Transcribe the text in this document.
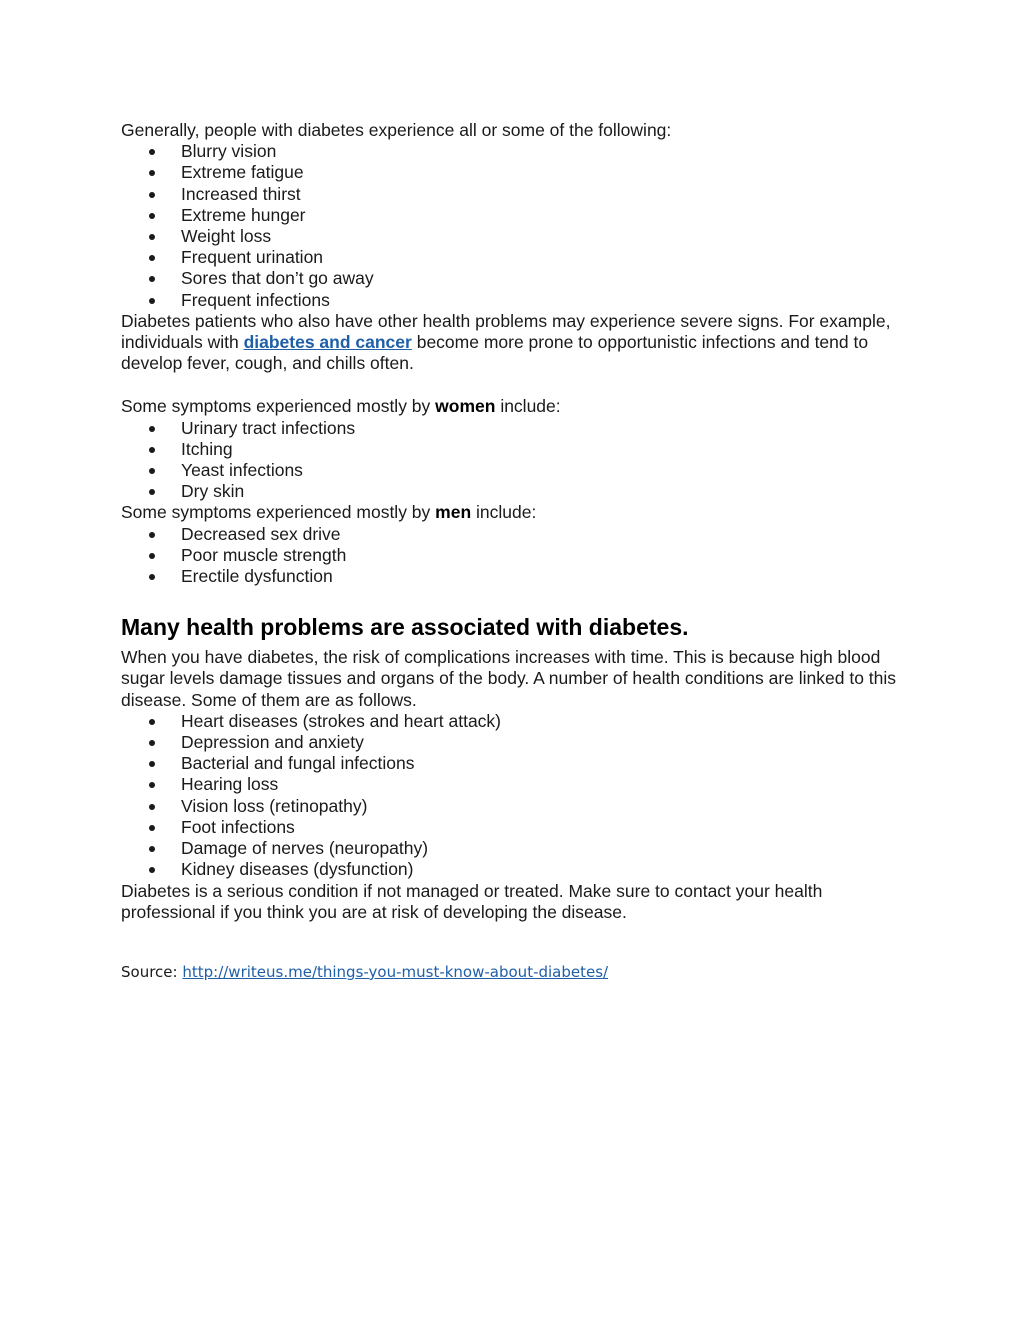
Generally, people with diabetes experience all or some of the following:

Blurry vision
Extreme fatigue
Increased thirst
Extreme hunger
Weight loss
Frequent urination
Sores that don’t go away
Frequent infections

Diabetes patients who also have other health problems may experience severe signs. For example, individuals with diabetes and cancer become more prone to opportunistic infections and tend to develop fever, cough, and chills often.

Some symptoms experienced mostly by women include:

Urinary tract infections
Itching
Yeast infections
Dry skin

Some symptoms experienced mostly by men include:

Decreased sex drive
Poor muscle strength
Erectile dysfunction
Many health problems are associated with diabetes.

When you have diabetes, the risk of complications increases with time. This is because high blood sugar levels damage tissues and organs of the body. A number of health conditions are linked to this disease. Some of them are as follows.

Heart diseases (strokes and heart attack)
Depression and anxiety
Bacterial and fungal infections
Hearing loss
Vision loss (retinopathy)
Foot infections
Damage of nerves (neuropathy)
Kidney diseases (dysfunction)

Diabetes is a serious condition if not managed or treated. Make sure to contact your health professional if you think you are at risk of developing the disease.

Source: http://writeus.me/things-you-must-know-about-diabetes/
